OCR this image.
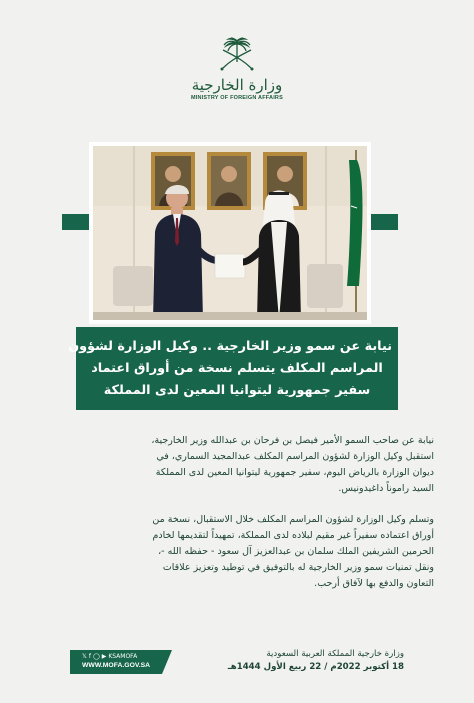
وزارة الخارجية
MINISTRY OF FOREIGN AFFAIRS
نيابة عن سمو وزير الخارجية .. وكيل الوزارة لشؤون
المراسم المكلف يتسلم نسخة من أوراق اعتماد
سفير جمهورية ليتوانيا المعين لدى المملكة
نيابة عن صاحب السمو الأمير فيصل بن فرحان بن عبدالله وزير الخارجية،
استقبل وكيل الوزارة لشؤون المراسم المكلف عبدالمجيد السماري، في
ديوان الوزارة بالرياض اليوم، سفير جمهورية ليتوانيا المعين لدى المملكة
السيد راموناً داغيدونيس.
وتسلم وكيل الوزارة لشؤون المراسم المكلف خلال الاستقبال، نسخة من
أوراق اعتماده سفيراً غير مقيم لبلاده لدى المملكة، تمهيداً لتقديمها لخادم
الحرمين الشريفين الملك سلمان بن عبدالعزيز آل سعود - حفظه الله -،
ونقل تمنيات سمو وزير الخارجية له بالتوفيق في توطيد وتعزيز علاقات
التعاون والدفع بها لآفاق أرحب.
𝕏 f ◯ ▶ KSAMOFA
WWW.MOFA.GOV.SA
وزارة خارجية المملكة العربية السعودية
18 أكتوبر 2022م / 22 ربيع الأول 1444هـ
